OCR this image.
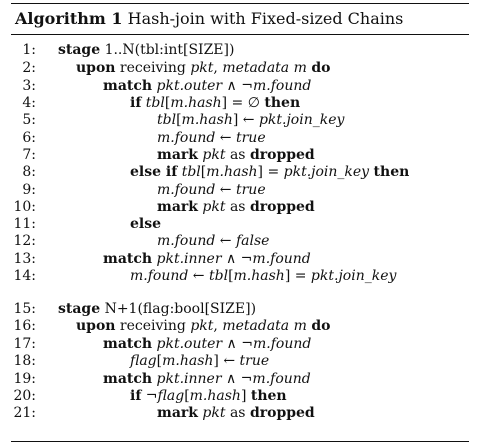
Algorithm 1 Hash-join with Fixed-sized Chains
1: stage 1..N(tbl:int[SIZE])
2:	upon receiving pkt, metadata m do
3:	match pkt.outer ∧ ¬m.found
4:	if tbl[m.hash] = ∅ then
5:	tbl[m.hash] ← pkt.join_key
6:	m.found ← true
7:	mark pkt as dropped
8:	else if tbl[m.hash] = pkt.join_key then
9:	m.found ← true
10:	mark pkt as dropped
11:	else
12:	m.found ← false
13:	match pkt.inner ∧ ¬m.found
14:	m.found ← tbl[m.hash] = pkt.join_key
15: stage N+1(flag:bool[SIZE])
16:	upon receiving pkt, metadata m do
17:	match pkt.outer ∧ ¬m.found
18:	flag[m.hash] ← true
19:	match pkt.inner ∧ ¬m.found
20:	if ¬flag[m.hash] then
21:	mark pkt as dropped
